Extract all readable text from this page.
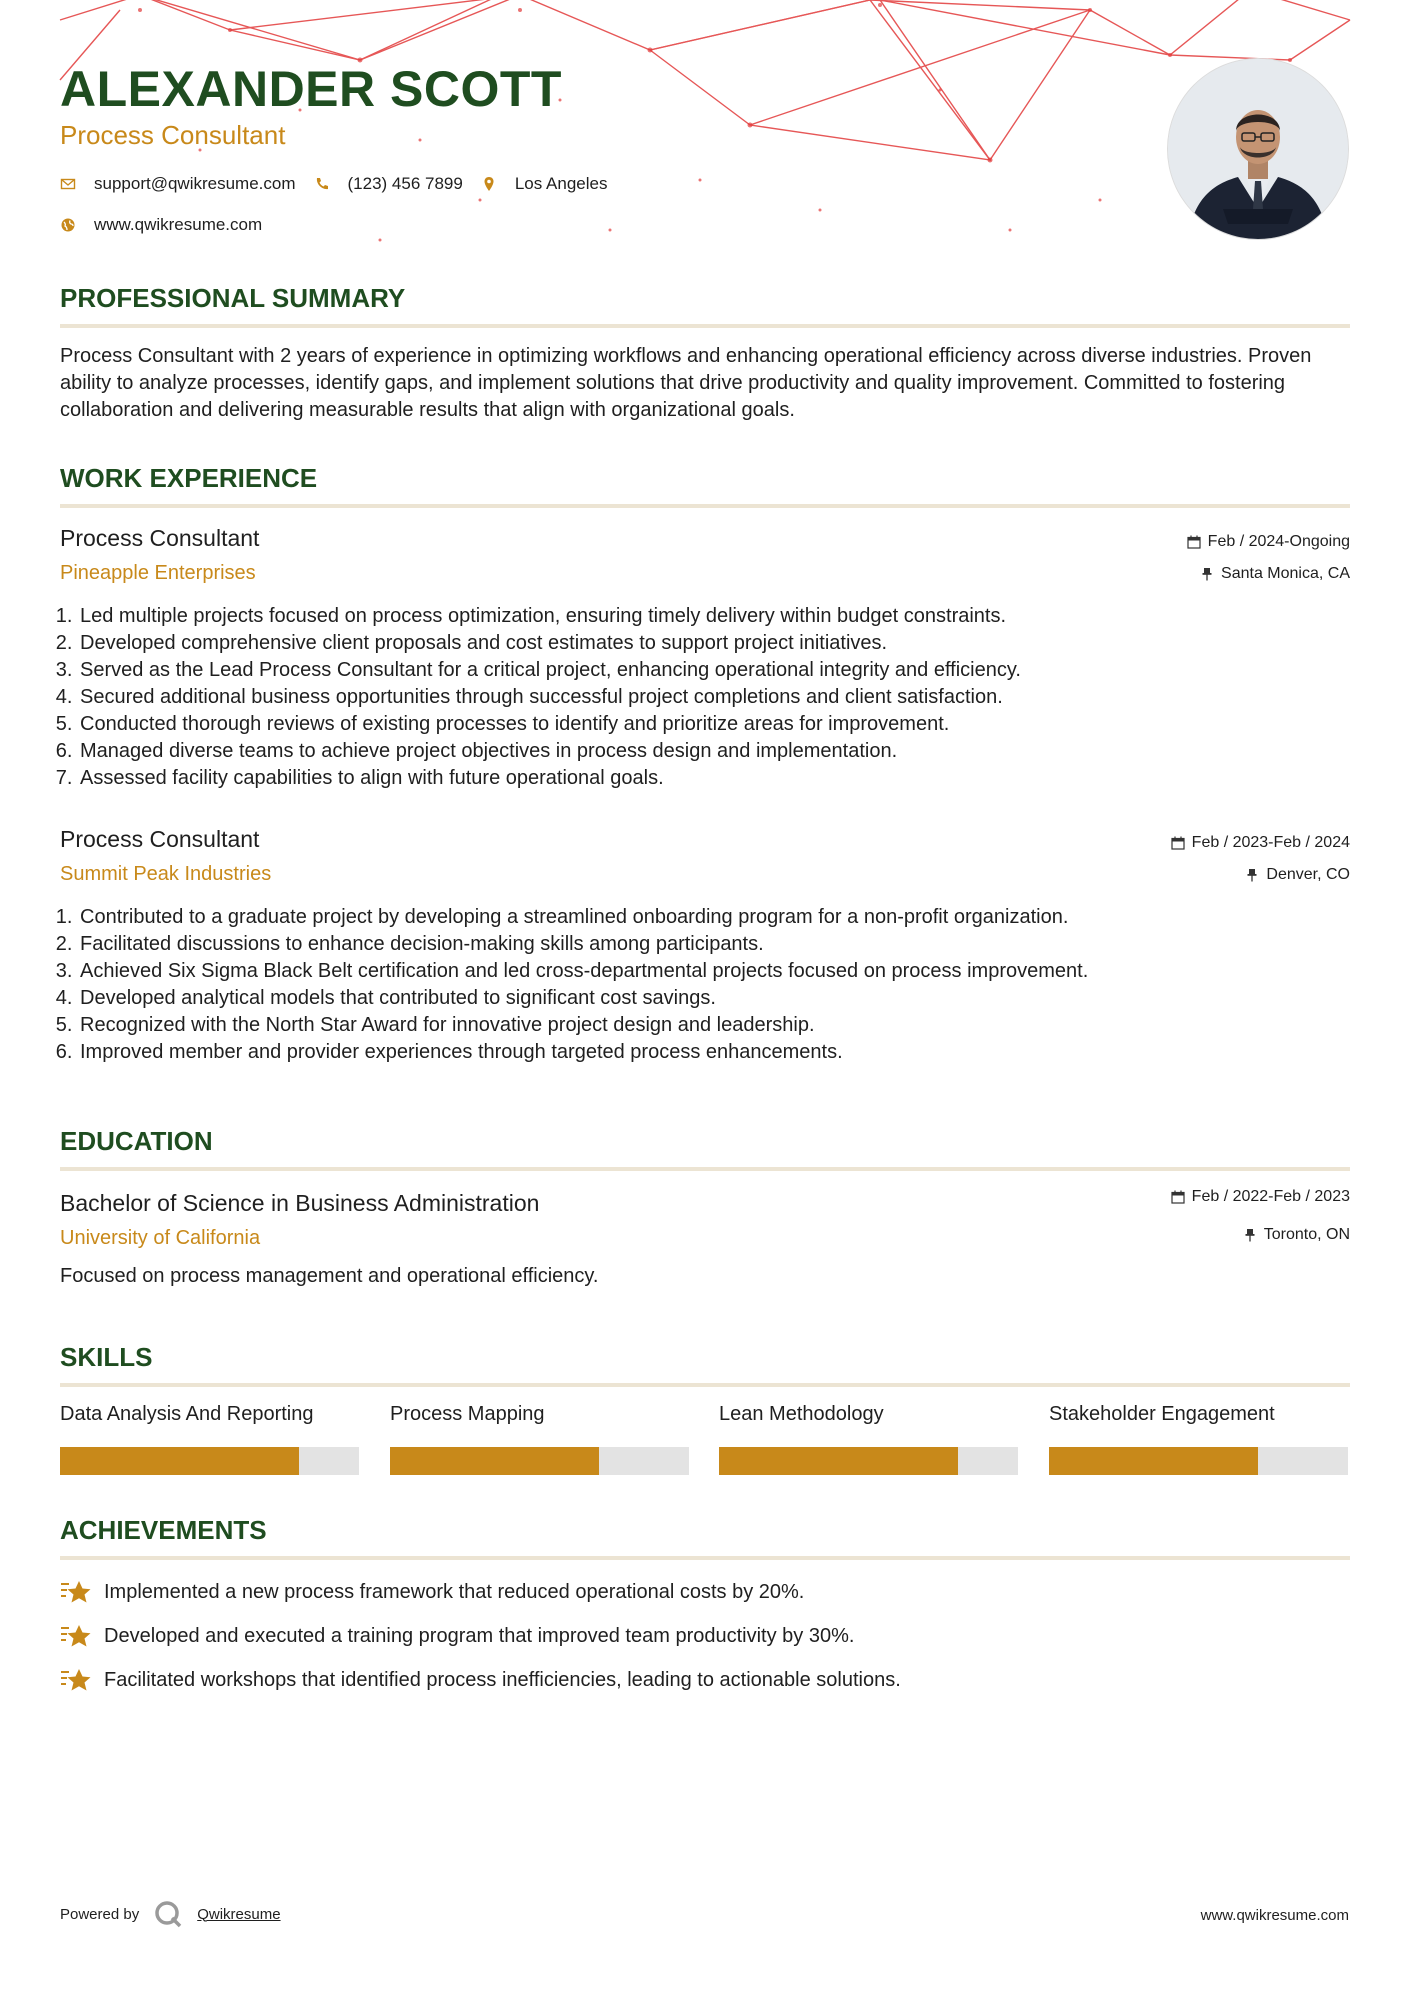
ALEXANDER SCOTT
Process Consultant
support@qwikresume.com	(123) 456 7899	Los Angeles
www.qwikresume.com
PROFESSIONAL SUMMARY
Process Consultant with 2 years of experience in optimizing workflows and enhancing operational efficiency across diverse industries. Proven ability to analyze processes, identify gaps, and implement solutions that drive productivity and quality improvement. Committed to fostering collaboration and delivering measurable results that align with organizational goals.
WORK EXPERIENCE
Process Consultant
Pineapple Enterprises
Feb / 2024-Ongoing
Santa Monica, CA
1. Led multiple projects focused on process optimization, ensuring timely delivery within budget constraints.
2. Developed comprehensive client proposals and cost estimates to support project initiatives.
3. Served as the Lead Process Consultant for a critical project, enhancing operational integrity and efficiency.
4. Secured additional business opportunities through successful project completions and client satisfaction.
5. Conducted thorough reviews of existing processes to identify and prioritize areas for improvement.
6. Managed diverse teams to achieve project objectives in process design and implementation.
7. Assessed facility capabilities to align with future operational goals.
Process Consultant
Summit Peak Industries
Feb / 2023-Feb / 2024
Denver, CO
1. Contributed to a graduate project by developing a streamlined onboarding program for a non-profit organization.
2. Facilitated discussions to enhance decision-making skills among participants.
3. Achieved Six Sigma Black Belt certification and led cross-departmental projects focused on process improvement.
4. Developed analytical models that contributed to significant cost savings.
5. Recognized with the North Star Award for innovative project design and leadership.
6. Improved member and provider experiences through targeted process enhancements.
EDUCATION
Bachelor of Science in Business Administration
University of California
Feb / 2022-Feb / 2023
Toronto, ON
Focused on process management and operational efficiency.
SKILLS
Data Analysis And Reporting	Process Mapping	Lean Methodology	Stakeholder Engagement
ACHIEVEMENTS
Implemented a new process framework that reduced operational costs by 20%.
Developed and executed a training program that improved team productivity by 30%.
Facilitated workshops that identified process inefficiencies, leading to actionable solutions.
Powered by	Qwikresume	www.qwikresume.com
